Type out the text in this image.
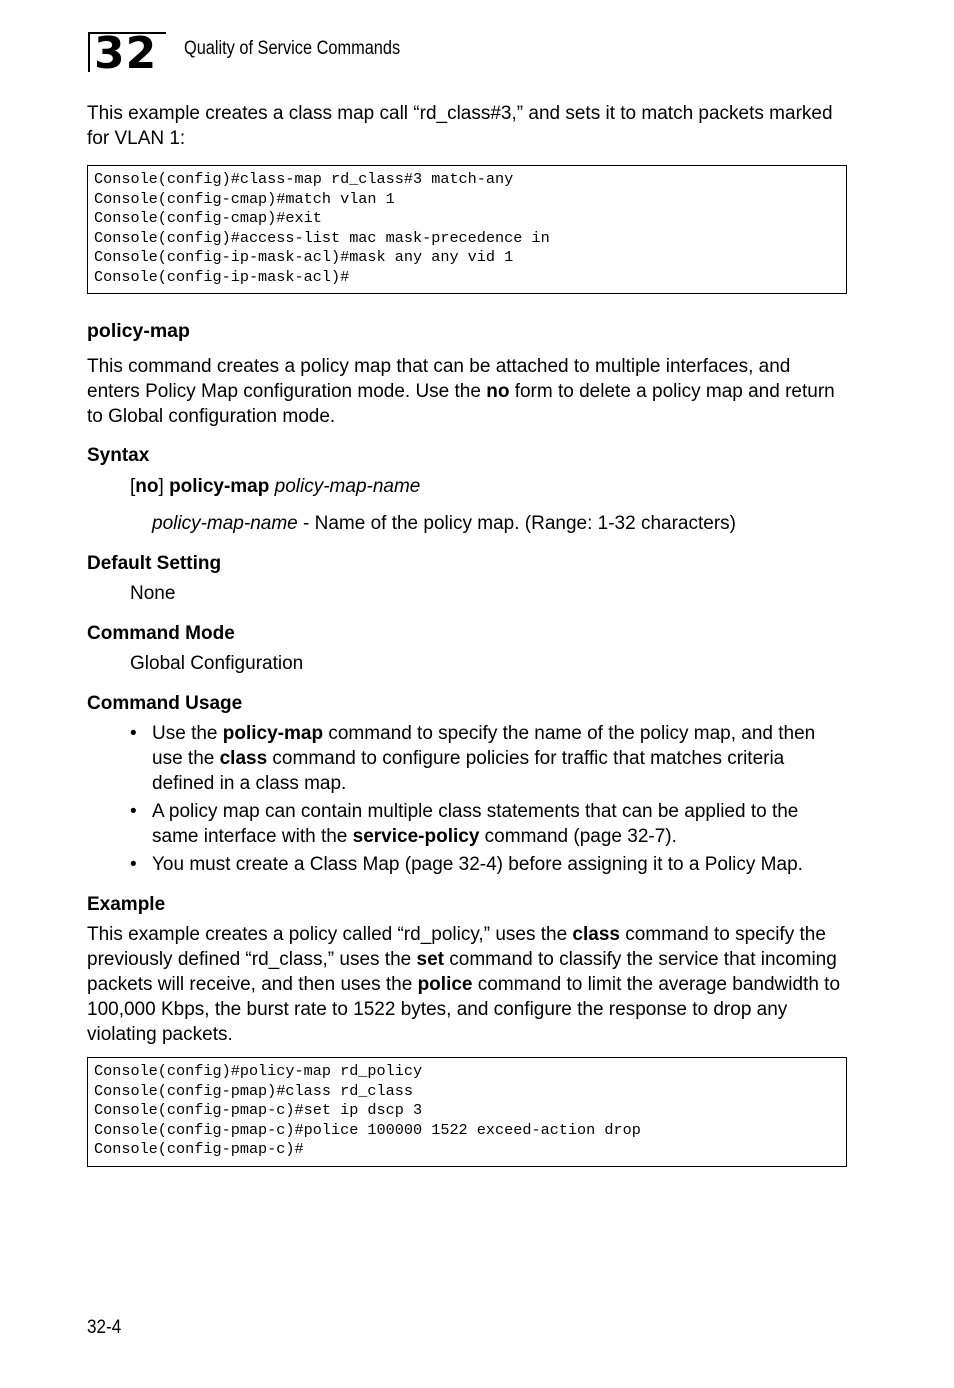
32	Quality of Service Commands

This example creates a class map call “rd_class#3,” and sets it to match packets marked for VLAN 1:

Console(config)#class-map rd_class#3 match-any
Console(config-cmap)#match vlan 1
Console(config-cmap)#exit
Console(config)#access-list mac mask-precedence in
Console(config-ip-mask-acl)#mask any any vid 1
Console(config-ip-mask-acl)#
policy-map

This command creates a policy map that can be attached to multiple interfaces, and enters Policy Map configuration mode. Use the no form to delete a policy map and return to Global configuration mode.

Syntax

[no] policy-map policy-map-name

policy-map-name - Name of the policy map. (Range: 1-32 characters)

Default Setting

None

Command Mode

Global Configuration

Command Usage
• Use the policy-map command to specify the name of the policy map, and then use the class command to configure policies for traffic that matches criteria defined in a class map.
• A policy map can contain multiple class statements that can be applied to the same interface with the service-policy command (page 32-7).
• You must create a Class Map (page 32-4) before assigning it to a Policy Map.
Example

This example creates a policy called “rd_policy,” uses the class command to specify the previously defined “rd_class,” uses the set command to classify the service that incoming packets will receive, and then uses the police command to limit the average bandwidth to 100,000 Kbps, the burst rate to 1522 bytes, and configure the response to drop any violating packets.

Console(config)#policy-map rd_policy
Console(config-pmap)#class rd_class
Console(config-pmap-c)#set ip dscp 3
Console(config-pmap-c)#police 100000 1522 exceed-action drop
Console(config-pmap-c)#
32-4
